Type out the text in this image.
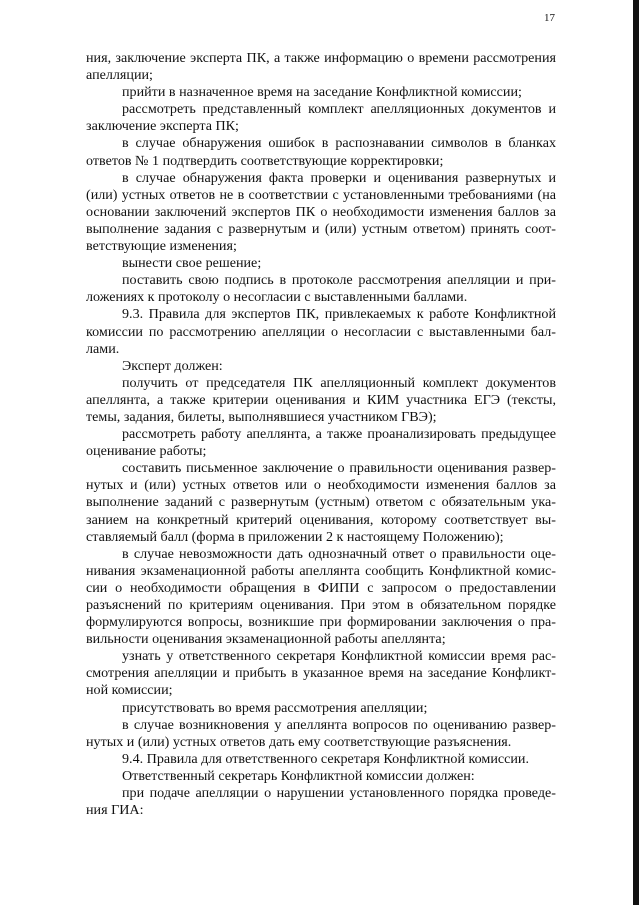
17

ния, заключение эксперта ПК, а также информацию о времени рассмотрения апелляции;

прийти в назначенное время на заседание Конфликтной комиссии;

рассмотреть представленный комплект апелляционных документов и заключение эксперта ПК;

в случае обнаружения ошибок в распознавании символов в бланках ответов № 1 подтвердить соответствующие корректировки;

в случае обнаружения факта проверки и оценивания развернутых и (или) устных ответов не в соответствии с установленными требованиями (на основании заключений экспертов ПК о необходимости изменения баллов за выполнение задания с развернутым и (или) устным ответом) принять соответствующие изменения;

вынести свое решение;

поставить свою подпись в протоколе рассмотрения апелляции и приложениях к протоколу о несогласии с выставленными баллами.

9.3. Правила для экспертов ПК, привлекаемых к работе Конфликтной комиссии по рассмотрению апелляции о несогласии с выставленными баллами.

Эксперт должен:

получить от председателя ПК апелляционный комплект документов апеллянта, а также критерии оценивания и КИМ участника ЕГЭ (тексты, темы, задания, билеты, выполнявшиеся участником ГВЭ);

рассмотреть работу апеллянта, а также проанализировать предыдущее оценивание работы;

составить письменное заключение о правильности оценивания развернутых и (или) устных ответов или о необходимости изменения баллов за выполнение заданий с развернутым (устным) ответом с обязательным указанием на конкретный критерий оценивания, которому соответствует выставляемый балл (форма в приложении 2 к настоящему Положению);

в случае невозможности дать однозначный ответ о правильности оценивания экзаменационной работы апеллянта сообщить Конфликтной комиссии о необходимости обращения в ФИПИ с запросом о предоставлении разъяснений по критериям оценивания. При этом в обязательном порядке формулируются вопросы, возникшие при формировании заключения о правильности оценивания экзаменационной работы апеллянта;

узнать у ответственного секретаря Конфликтной комиссии время рассмотрения апелляции и прибыть в указанное время на заседание Конфликтной комиссии;

присутствовать во время рассмотрения апелляции;

в случае возникновения у апеллянта вопросов по оцениванию развернутых и (или) устных ответов дать ему соответствующие разъяснения.

9.4. Правила для ответственного секретаря Конфликтной комиссии.

Ответственный секретарь Конфликтной комиссии должен:

при подаче апелляции о нарушении установленного порядка проведения ГИА:
